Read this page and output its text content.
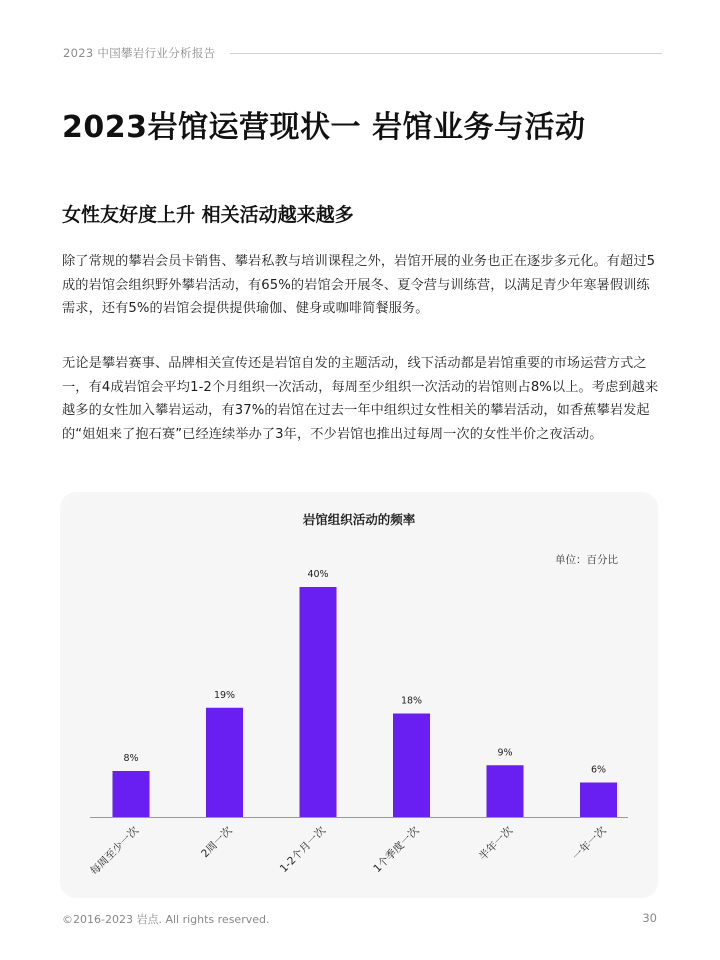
2023 中国攀岩行业分析报告
2023岩馆运营现状一 岩馆业务与活动
女性友好度上升 相关活动越来越多
除了常规的攀岩会员卡销售、攀岩私教与培训课程之外，岩馆开展的业务也正在逐步多元化。有超过5成的岩馆会组织野外攀岩活动，有65%的岩馆会开展冬、夏令营与训练营，以满足青少年寒暑假训练需求，还有5%的岩馆会提供提供瑜伽、健身或咖啡简餐服务。
无论是攀岩赛事、品牌相关宣传还是岩馆自发的主题活动，线下活动都是岩馆重要的市场运营方式之一，有4成岩馆会平均1-2个月组织一次活动，每周至少组织一次活动的岩馆则占8%以上。考虑到越来越多的女性加入攀岩运动，有37%的岩馆在过去一年中组织过女性相关的攀岩活动，如香蕉攀岩发起的“姐姐来了抱石赛”已经连续举办了3年，不少岩馆也推出过每周一次的女性半价之夜活动。
岩馆组织活动的频率
单位：百分比
8%
每周至少一次
19%
2周一次
40%
1-2个月一次
18%
1个季度一次
9%
半年一次
6%
一年一次
©2016-2023 岩点. All rights reserved.	30
